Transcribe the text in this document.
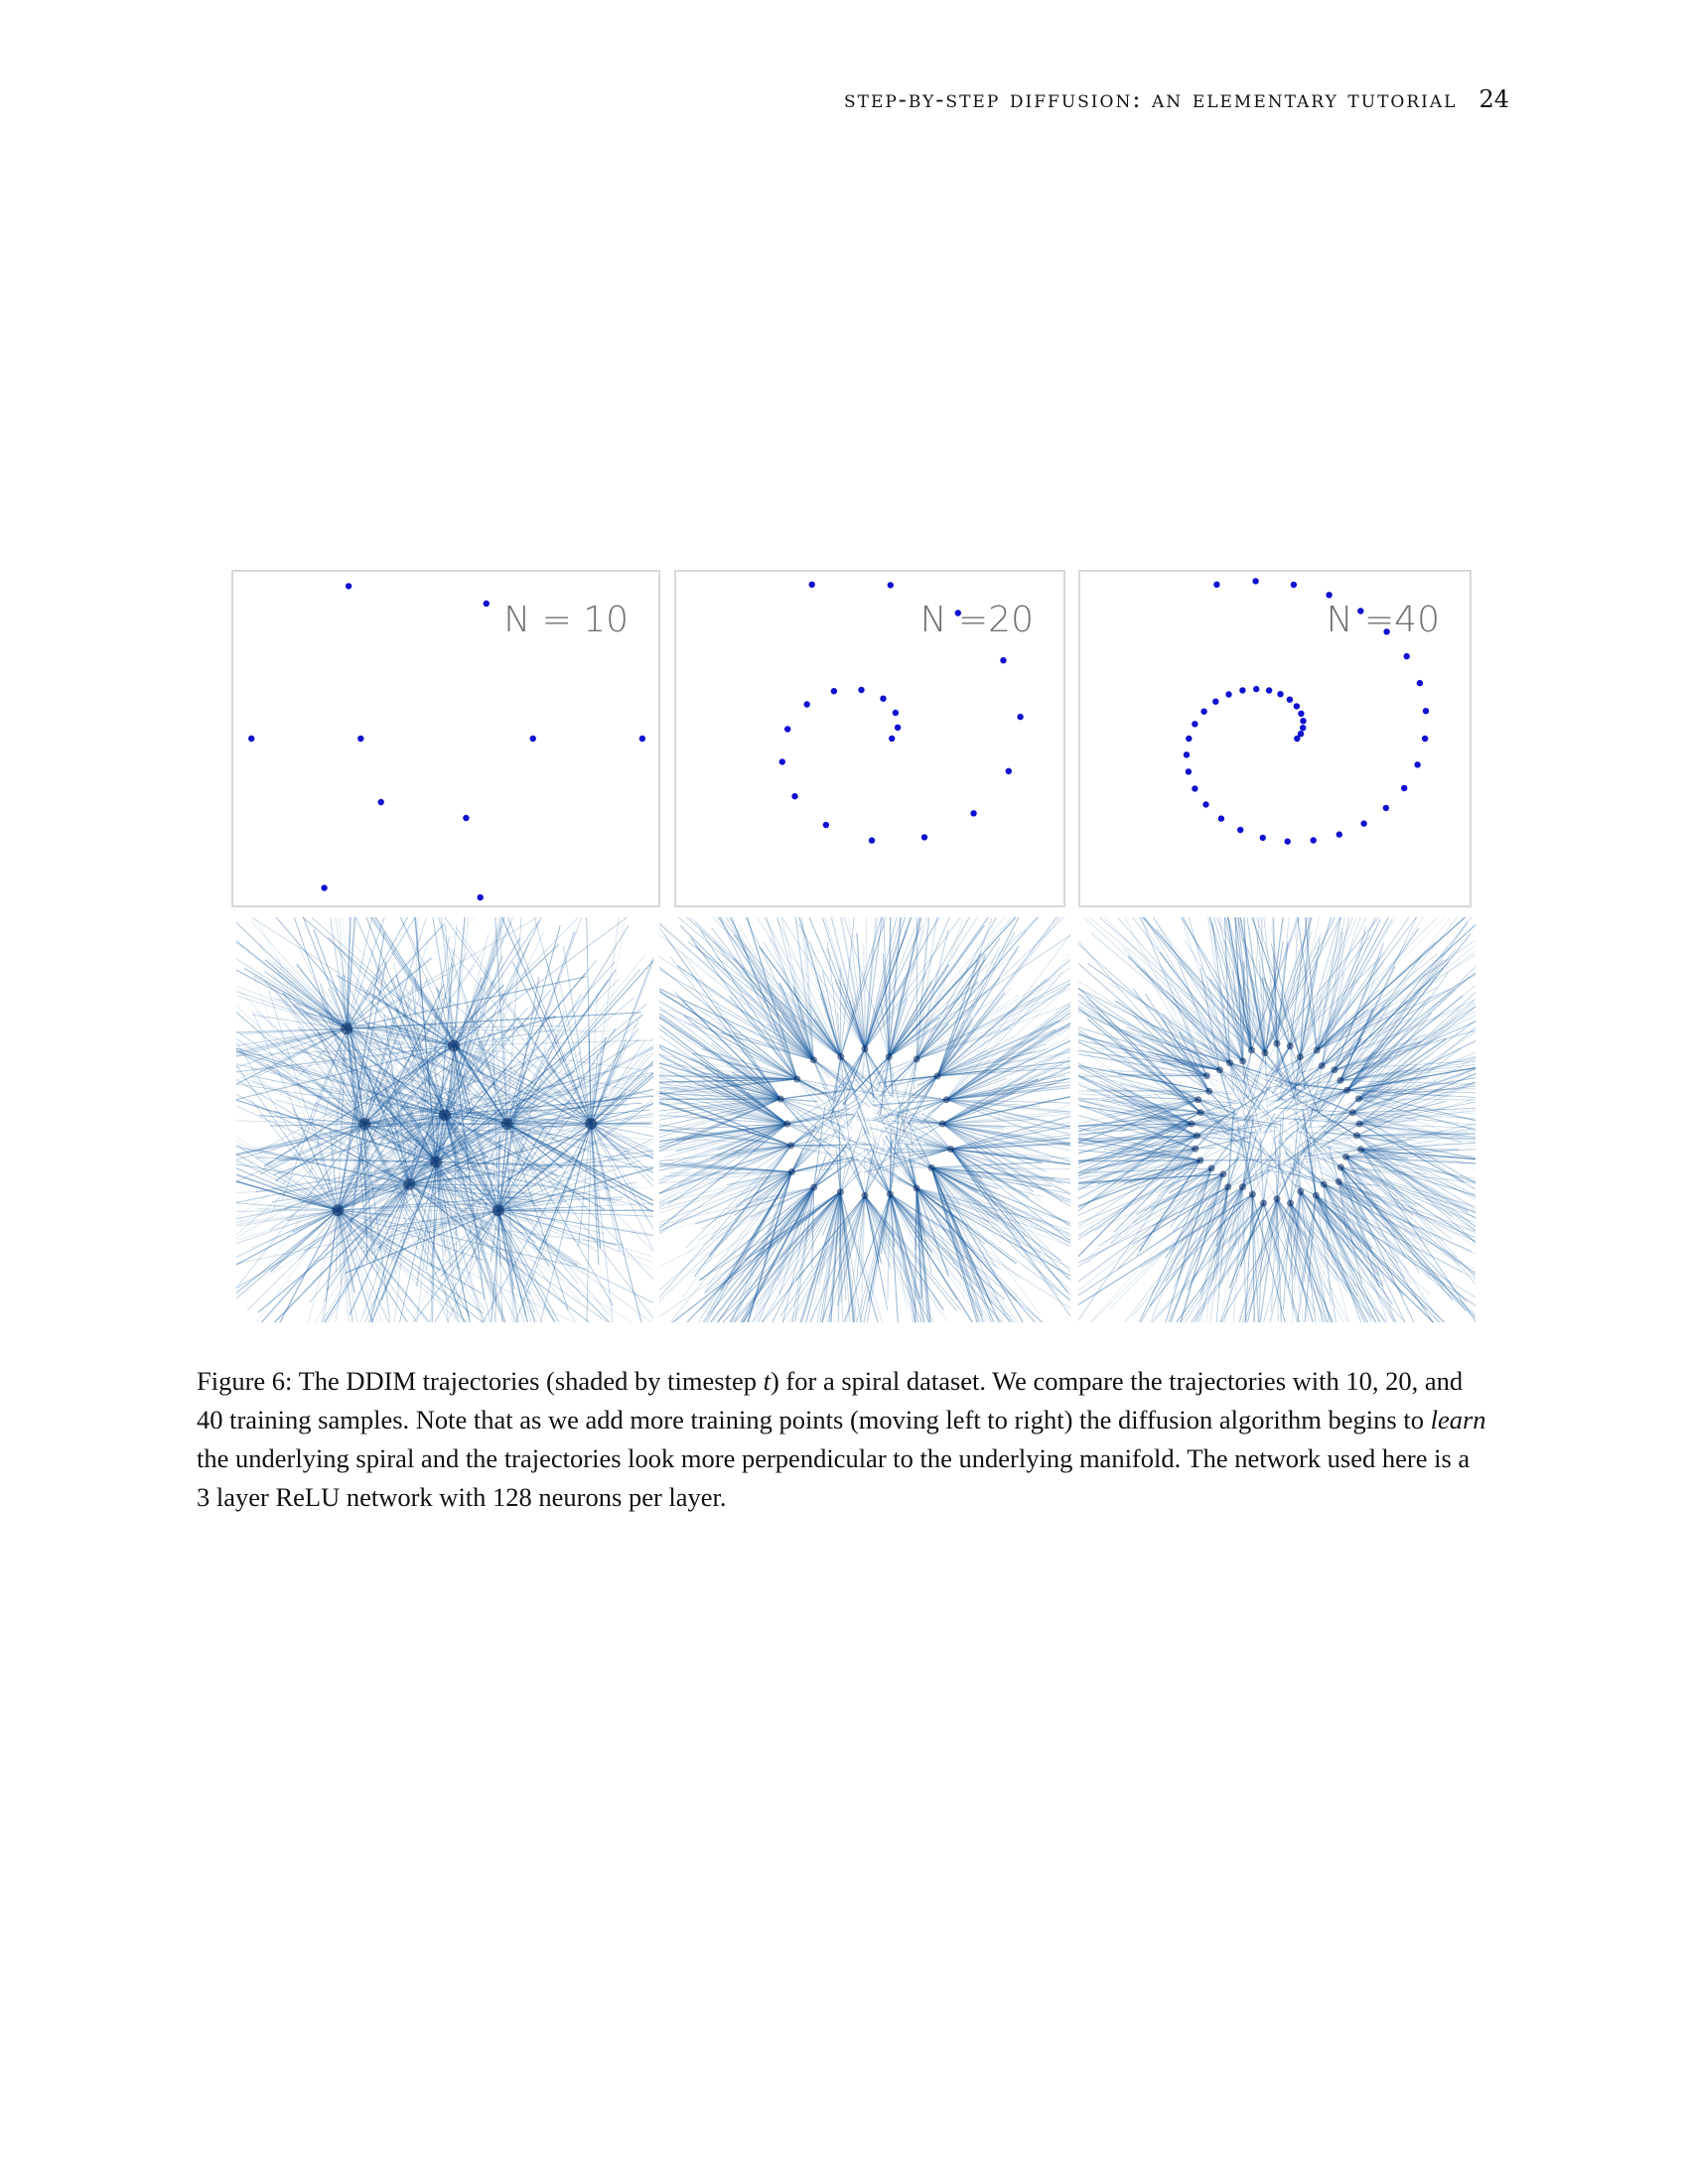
step-by-step diffusion: an elementary tutorial 24
N = 10	N =20	N =40
Figure 6: The DDIM trajectories (shaded by timestep t) for a spiral dataset. We compare the trajectories with 10, 20, and 40 training samples. Note that as we add more training points (moving left to right) the diffusion algorithm begins to learn the underlying spiral and the trajectories look more perpendicular to the underlying manifold. The network used here is a 3 layer ReLU network with 128 neurons per layer.
